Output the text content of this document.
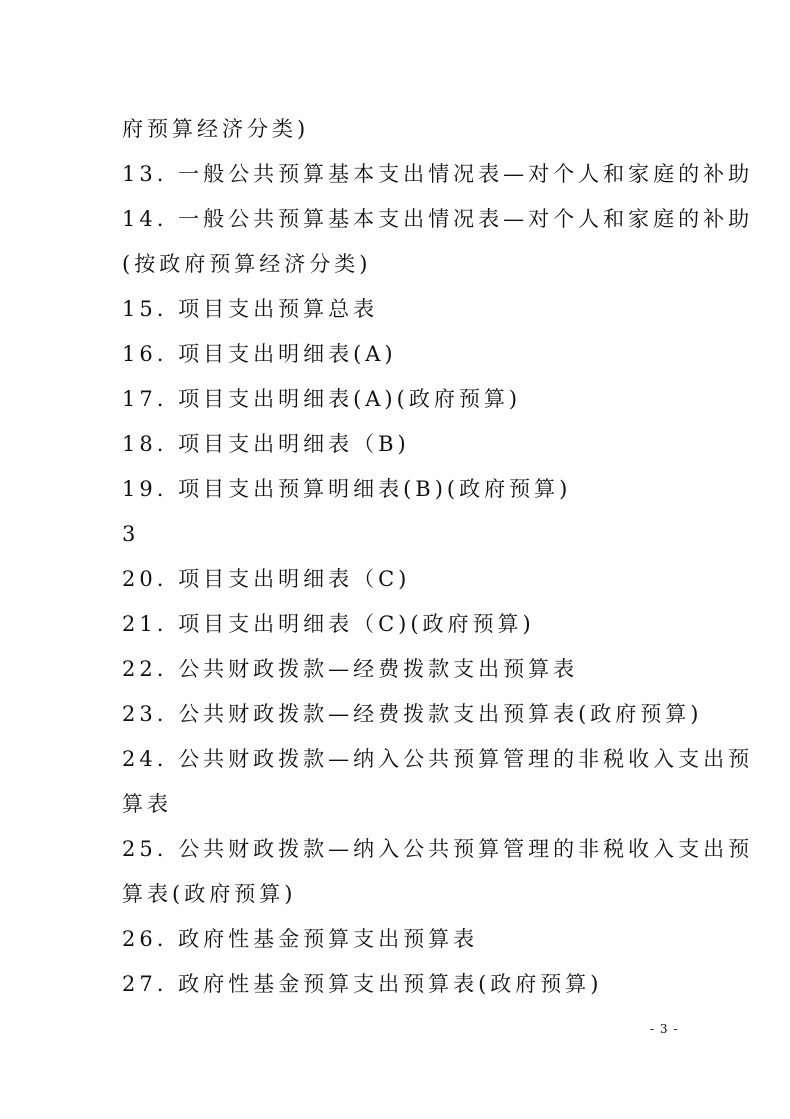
府预算经济分类)
13. 一般公共预算基本支出情况表—对个人和家庭的补助
14. 一般公共预算基本支出情况表—对个人和家庭的补助
(按政府预算经济分类)
15. 项目支出预算总表
16. 项目支出明细表(A)
17. 项目支出明细表(A)(政府预算)
18. 项目支出明细表（B)
19. 项目支出预算明细表(B)(政府预算)
3
20. 项目支出明细表（C)
21. 项目支出明细表（C)(政府预算)
22. 公共财政拨款—经费拨款支出预算表
23. 公共财政拨款—经费拨款支出预算表(政府预算)
24. 公共财政拨款—纳入公共预算管理的非税收入支出预
算表
25. 公共财政拨款—纳入公共预算管理的非税收入支出预
算表(政府预算)
26. 政府性基金预算支出预算表
27. 政府性基金预算支出预算表(政府预算)
- 3 -
